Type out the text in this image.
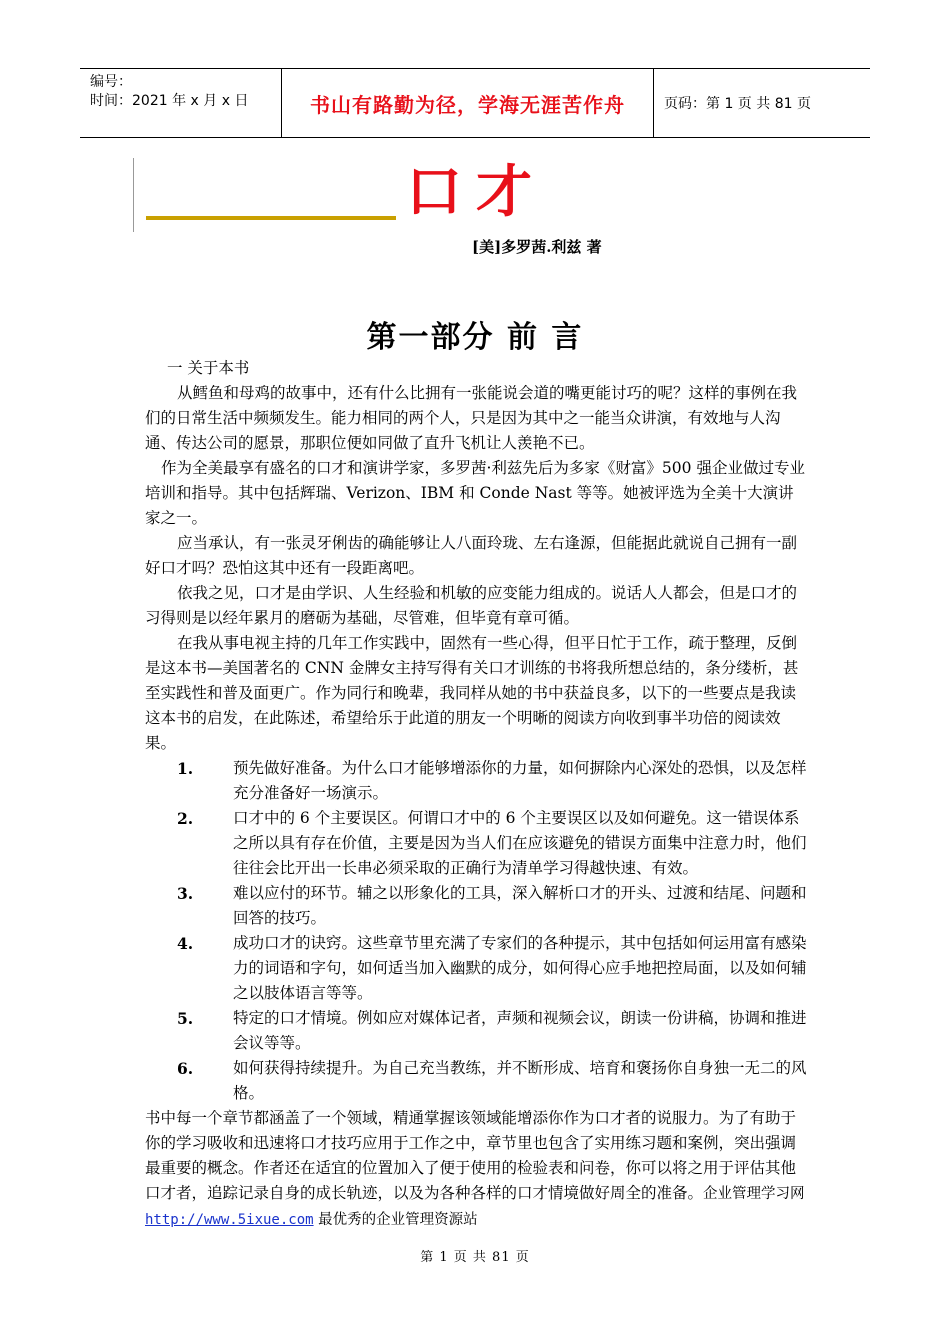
编号：
时间：2021 年 x 月 x 日	书山有路勤为径，学海无涯苦作舟	页码：第 1 页 共 81 页
口才
[美]多罗茜.利兹 著
第一部分 前 言

一 关于本书

从鳕鱼和母鸡的故事中，还有什么比拥有一张能说会道的嘴更能讨巧的呢？这样的事例在我们的日常生活中频频发生。能力相同的两个人，只是因为其中之一能当众讲演，有效地与人沟通、传达公司的愿景，那职位便如同做了直升飞机让人羡艳不已。

作为全美最享有盛名的口才和演讲学家，多罗茜·利兹先后为多家《财富》500 强企业做过专业培训和指导。其中包括辉瑞、Verizon、IBM 和 Conde Nast 等等。她被评选为全美十大演讲家之一。

应当承认，有一张灵牙俐齿的确能够让人八面玲珑、左右逢源，但能据此就说自己拥有一副好口才吗？恐怕这其中还有一段距离吧。

依我之见，口才是由学识、人生经验和机敏的应变能力组成的。说话人人都会，但是口才的习得则是以经年累月的磨砺为基础，尽管难，但毕竟有章可循。

在我从事电视主持的几年工作实践中，固然有一些心得，但平日忙于工作，疏于整理，反倒是这本书—美国著名的 CNN 金牌女主持写得有关口才训练的书将我所想总结的，条分缕析，甚至实践性和普及面更广。作为同行和晚辈，我同样从她的书中获益良多，以下的一些要点是我读这本书的启发，在此陈述，希望给乐于此道的朋友一个明晰的阅读方向收到事半功倍的阅读效果。

1.	预先做好准备。为什么口才能够增添你的力量，如何摒除内心深处的恐惧，以及怎样充分准备好一场演示。
2.	口才中的 6 个主要误区。何谓口才中的 6 个主要误区以及如何避免。这一错误体系之所以具有存在价值，主要是因为当人们在应该避免的错误方面集中注意力时，他们往往会比开出一长串必须采取的正确行为清单学习得越快速、有效。
3.	难以应付的环节。辅之以形象化的工具，深入解析口才的开头、过渡和结尾、问题和回答的技巧。
4.	成功口才的诀窍。这些章节里充满了专家们的各种提示，其中包括如何运用富有感染力的词语和字句，如何适当加入幽默的成分，如何得心应手地把控局面，以及如何辅之以肢体语言等等。
5.	特定的口才情境。例如应对媒体记者，声频和视频会议，朗读一份讲稿，协调和推进会议等等。
6.	如何获得持续提升。为自己充当教练，并不断形成、培育和褒扬你自身独一无二的风格。

书中每一个章节都涵盖了一个领域，精通掌握该领域能增添你作为口才者的说服力。为了有助于你的学习吸收和迅速将口才技巧应用于工作之中，章节里也包含了实用练习题和案例，突出强调最重要的概念。作者还在适宜的位置加入了便于使用的检验表和问卷，你可以将之用于评估其他口才者，追踪记录自身的成长轨迹，以及为各种各样的口才情境做好周全的准备。企业管理学习网 http://www.5ixue.com 最优秀的企业管理资源站

第 1 页 共 81 页
